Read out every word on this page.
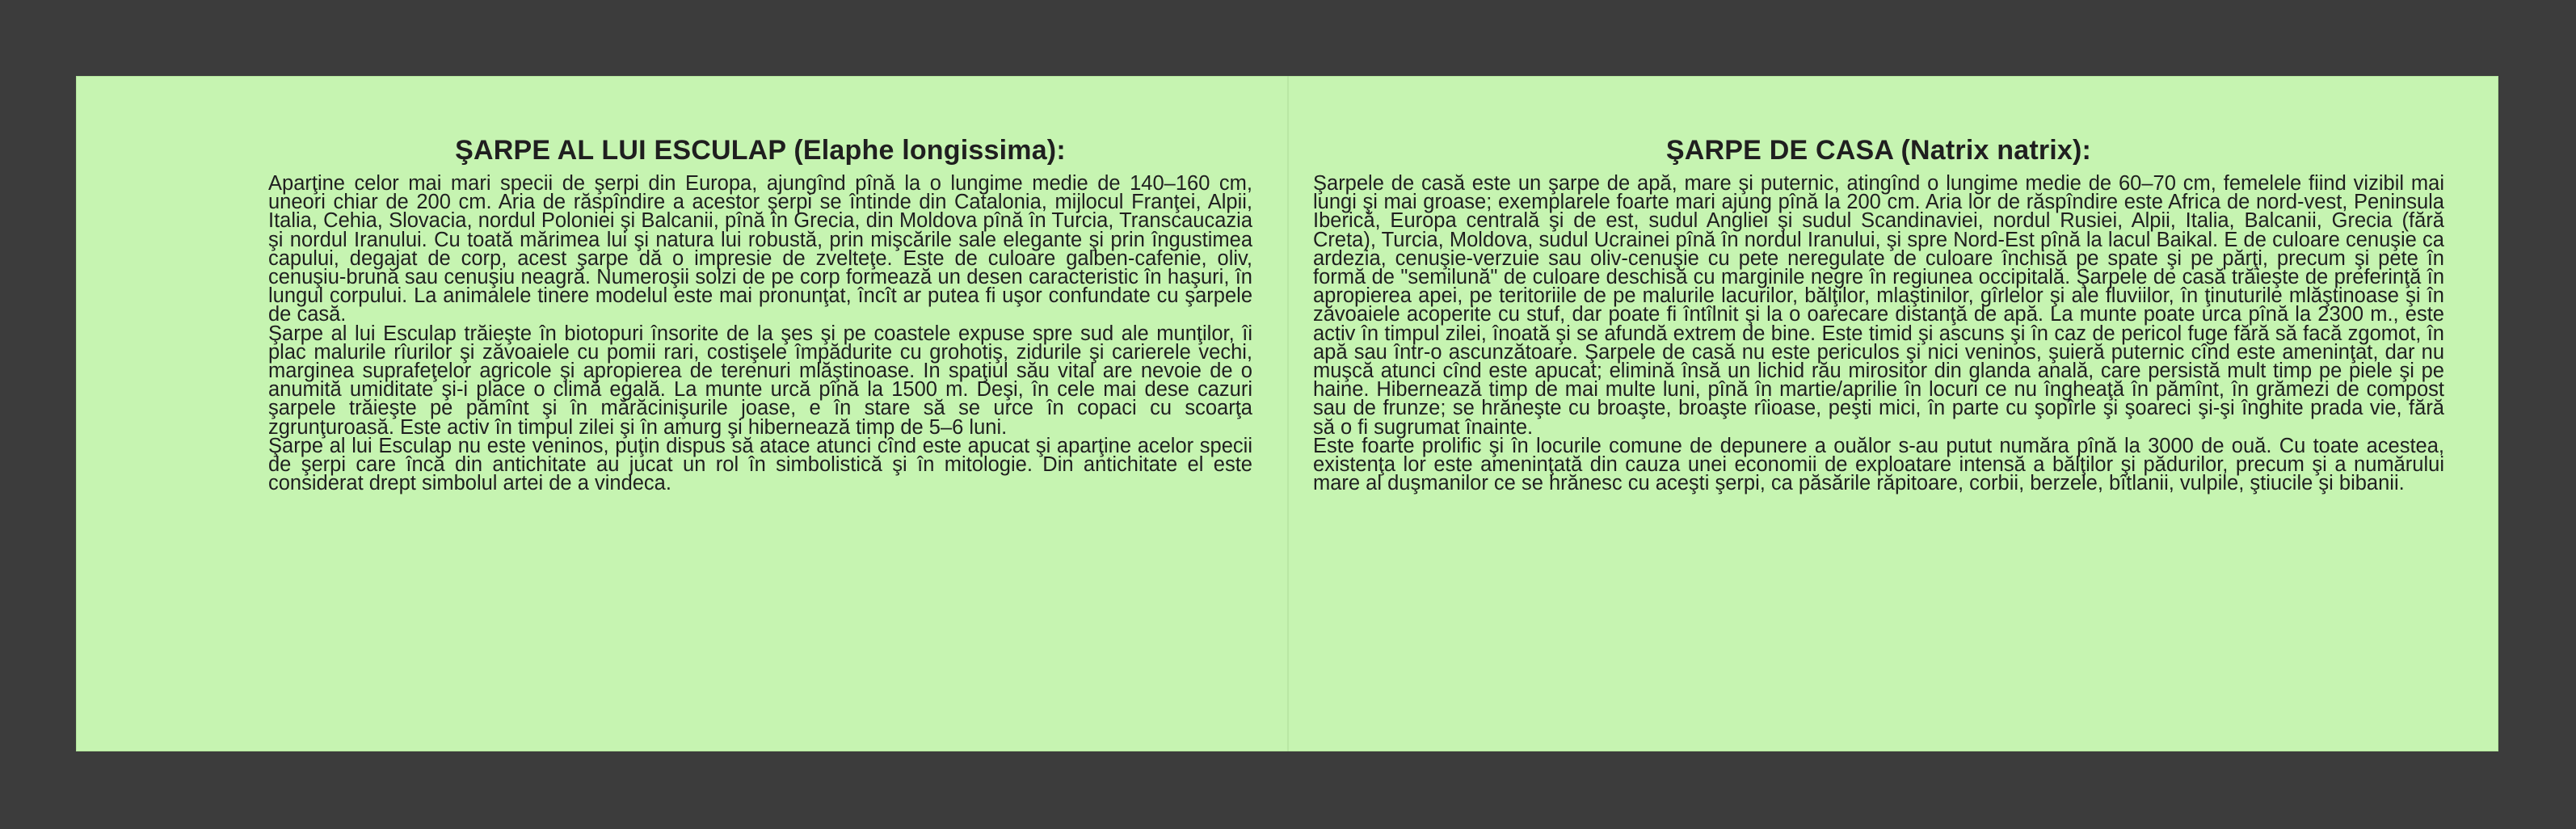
ŞARPE AL LUI ESCULAP (Elaphe longissima):

Aparţine celor mai mari specii de şerpi din Europa, ajungînd pînă la o lungime medie de 140–160 cm, uneori chiar de 200 cm. Aria de răspîndire a acestor şerpi se întinde din Catalonia, mijlocul Franţei, Alpii, Italia, Cehia, Slovacia, nordul Poloniei şi Balcanii, pînă în Grecia, din Moldova pînă în Turcia, Transcaucazia şi nordul Iranului. Cu toată mărimea lui şi natura lui robustă, prin mişcările sale elegante şi prin îngustimea capului, degajat de corp, acest şarpe dă o impresie de zvelteţe. Este de culoare galben-cafenie, oliv, cenuşiu-brună sau cenuşiu neagră. Numeroşii solzi de pe corp formează un desen caracteristic în haşuri, în lungul corpului. La animalele tinere modelul este mai pronunţat, încît ar putea fi uşor confundate cu şarpele de casă.

Şarpe al lui Esculap trăieşte în biotopuri însorite de la şes şi pe coastele expuse spre sud ale munţilor, îi plac malurile rîurilor şi zăvoaiele cu pomii rari, costişele împădurite cu grohotiş, zidurile şi carierele vechi, marginea suprafeţelor agricole şi apropierea de terenuri mlăştinoase. In spaţiul său vital are nevoie de o anumită umiditate şi-i place o climă egală. La munte urcă pînă la 1500 m. Deşi, în cele mai dese cazuri şarpele trăieşte pe pămînt şi în mărăcinişurile joase, e în stare să se urce în copaci cu scoarţa zgrunţuroasă. Este activ în timpul zilei şi în amurg şi hibernează timp de 5–6 luni.

Şarpe al lui Esculap nu este veninos, puţin dispus să atace atunci cînd este apucat şi aparţine acelor specii de şerpi care încă din antichitate au jucat un rol în simbolistică şi în mitologie. Din antichitate el este considerat drept simbolul artei de a vindeca.

ŞARPE DE CASA (Natrix natrix):

Şarpele de casă este un şarpe de apă, mare şi puternic, atingînd o lungime medie de 60–70 cm, femelele fiind vizibil mai lungi şi mai groase; exemplarele foarte mari ajung pînă la 200 cm. Aria lor de răspîndire este Africa de nord-vest, Peninsula Iberică, Europa centrală şi de est, sudul Angliei şi sudul Scandinaviei, nordul Rusiei, Alpii, Italia, Balcanii, Grecia (fără Creta), Turcia, Moldova, sudul Ucrainei pînă în nordul Iranului, şi spre Nord-Est pînă la lacul Baikal. E de culoare cenuşie ca ardezia, cenuşie-verzuie sau oliv-cenuşie cu pete neregulate de culoare închisă pe spate şi pe părţi, precum şi pete în formă de "semilună" de culoare deschisă cu marginile negre în regiunea occipitală. Şarpele de casă trăieşte de preferinţă în apropierea apei, pe teritoriile de pe malurile lacurilor, bălţilor, mlaştinilor, gîrlelor şi ale fluviilor, în ţinuturile mlăştinoase şi în zăvoaiele acoperite cu stuf, dar poate fi întîlnit şi la o oarecare distanţă de apă. La munte poate urca pînă la 2300 m., este activ în timpul zilei, înoată şi se afundă extrem de bine. Este timid şi ascuns şi în caz de pericol fuge fără să facă zgomot, în apă sau într-o ascunzătoare. Şarpele de casă nu este periculos şi nici veninos, şuieră puternic cînd este ameninţat, dar nu muşcă atunci cînd este apucat; elimină însă un lichid rău mirositor din glanda anală, care persistă mult timp pe piele şi pe haine. Hibernează timp de mai multe luni, pînă în martie/aprilie în locuri ce nu îngheaţă în pămînt, în grămezi de compost sau de frunze; se hrăneşte cu broaşte, broaşte rîioase, peşti mici, în parte cu şopîrle şi şoareci şi-şi înghite prada vie, fără să o fi sugrumat înainte.

Este foarte prolific şi în locurile comune de depunere a ouălor s-au putut număra pînă la 3000 de ouă. Cu toate acestea, existenţa lor este ameninţată din cauza unei economii de exploatare intensă a bălţilor şi pădurilor, precum şi a numărului mare al duşmanilor ce se hrănesc cu aceşti şerpi, ca păsările răpitoare, corbii, berzele, bîtlanii, vulpile, ştiucile şi bibanii.
